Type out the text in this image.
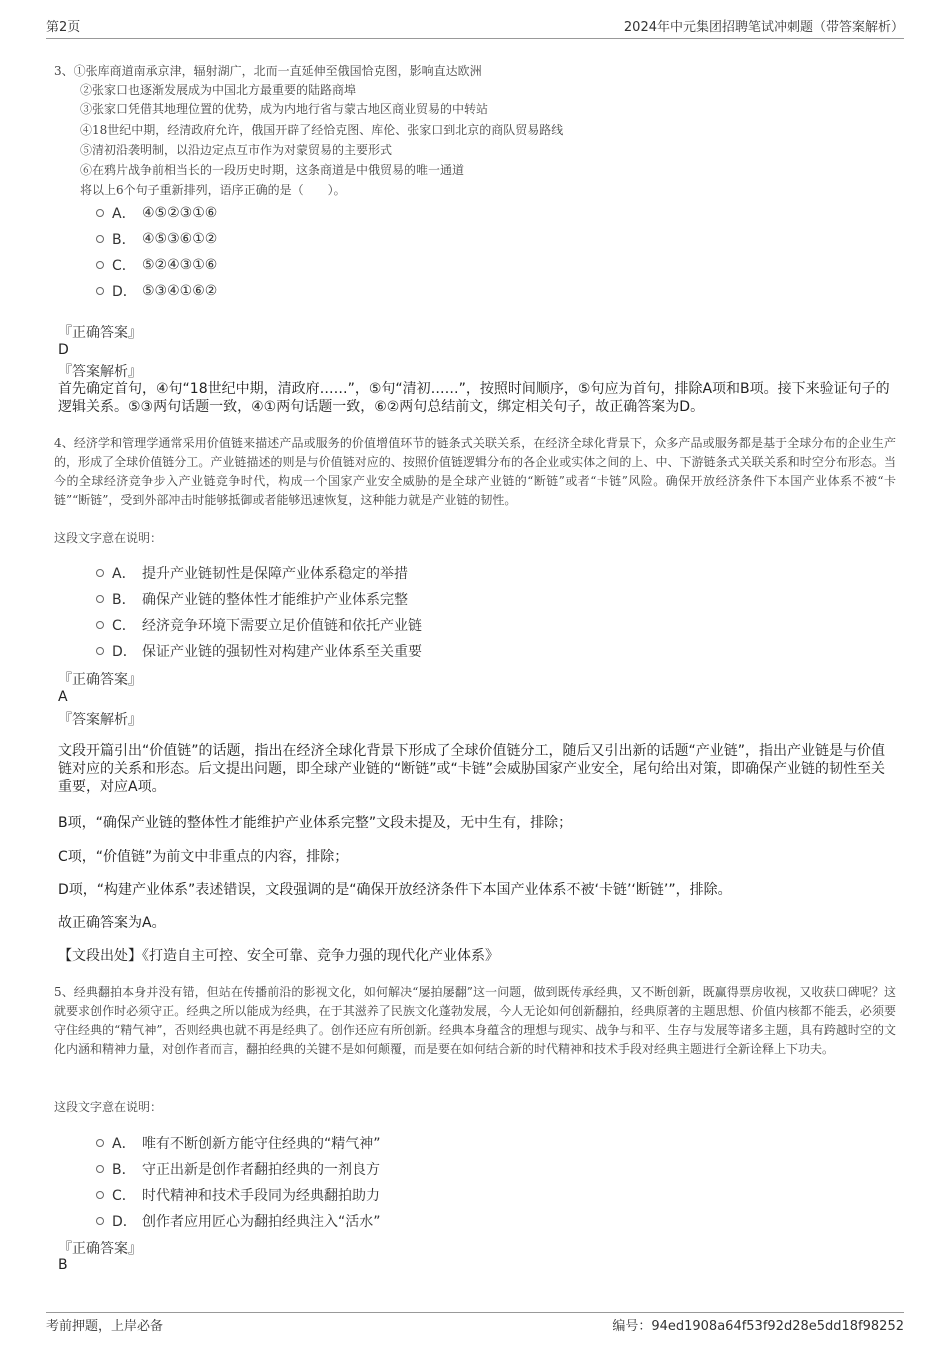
第2页	2024年中元集团招聘笔试冲刺题（带答案解析）
3、①张库商道南承京津，辐射湖广，北而一直延伸至俄国恰克图，影响直达欧洲
②张家口也逐渐发展成为中国北方最重要的陆路商埠
③张家口凭借其地理位置的优势，成为内地行省与蒙古地区商业贸易的中转站
④18世纪中期，经清政府允许，俄国开辟了经恰克图、库伦、张家口到北京的商队贸易路线
⑤清初沿袭明制，以沿边定点互市作为对蒙贸易的主要形式
⑥在鸦片战争前相当长的一段历史时期，这条商道是中俄贸易的唯一通道
将以上6个句子重新排列，语序正确的是（　　）。
A． ④⑤②③①⑥
B． ④⑤③⑥①②
C． ⑤②④③①⑥
D． ⑤③④①⑥②
『正确答案』
D
『答案解析』
首先确定首句，④句“18世纪中期，清政府……”，⑤句“清初……”，按照时间顺序，⑤句应为首句，排除A项和B项。接下来验证句子的逻辑关系。⑤③两句话题一致，④①两句话题一致，⑥②两句总结前文，绑定相关句子，故正确答案为D。
4、经济学和管理学通常采用价值链来描述产品或服务的价值增值环节的链条式关联关系，在经济全球化背景下，众多产品或服务都是基于全球分布的企业生产的，形成了全球价值链分工。产业链描述的则是与价值链对应的、按照价值链逻辑分布的各企业或实体之间的上、中、下游链条式关联关系和时空分布形态。当今的全球经济竞争步入产业链竞争时代，构成一个国家产业安全威胁的是全球产业链的“断链”或者“卡链”风险。确保开放经济条件下本国产业体系不被“卡链”“断链”，受到外部冲击时能够抵御或者能够迅速恢复，这种能力就是产业链的韧性。
这段文字意在说明：
A． 提升产业链韧性是保障产业体系稳定的举措
B． 确保产业链的整体性才能维护产业体系完整
C． 经济竞争环境下需要立足价值链和依托产业链
D． 保证产业链的强韧性对构建产业体系至关重要
『正确答案』
A
『答案解析』
文段开篇引出“价值链”的话题，指出在经济全球化背景下形成了全球价值链分工，随后又引出新的话题“产业链”，指出产业链是与价值链对应的关系和形态。后文提出问题，即全球产业链的“断链”或“卡链”会威胁国家产业安全，尾句给出对策，即确保产业链的韧性至关重要，对应A项。
B项，“确保产业链的整体性才能维护产业体系完整”文段未提及，无中生有，排除；
C项，“价值链”为前文中非重点的内容，排除；
D项，“构建产业体系”表述错误，文段强调的是“确保开放经济条件下本国产业体系不被‘卡链’‘断链’”，排除。
故正确答案为A。
【文段出处】《打造自主可控、安全可靠、竞争力强的现代化产业体系》
5、经典翻拍本身并没有错，但站在传播前沿的影视文化，如何解决“屡拍屡翻”这一问题，做到既传承经典，又不断创新，既赢得票房收视，又收获口碑呢？这就要求创作时必须守正。经典之所以能成为经典，在于其滋养了民族文化蓬勃发展，今人无论如何创新翻拍，经典原著的主题思想、价值内核都不能丢，必须要守住经典的“精气神”，否则经典也就不再是经典了。创作还应有所创新。经典本身蕴含的理想与现实、战争与和平、生存与发展等诸多主题，具有跨越时空的文化内涵和精神力量，对创作者而言，翻拍经典的关键不是如何颠覆，而是要在如何结合新的时代精神和技术手段对经典主题进行全新诠释上下功夫。
这段文字意在说明：
A． 唯有不断创新方能守住经典的“精气神”
B． 守正出新是创作者翻拍经典的一剂良方
C． 时代精神和技术手段同为经典翻拍助力
D． 创作者应用匠心为翻拍经典注入“活水”
『正确答案』
B
考前押题，上岸必备	编号：94ed1908a64f53f92d28e5dd18f98252
